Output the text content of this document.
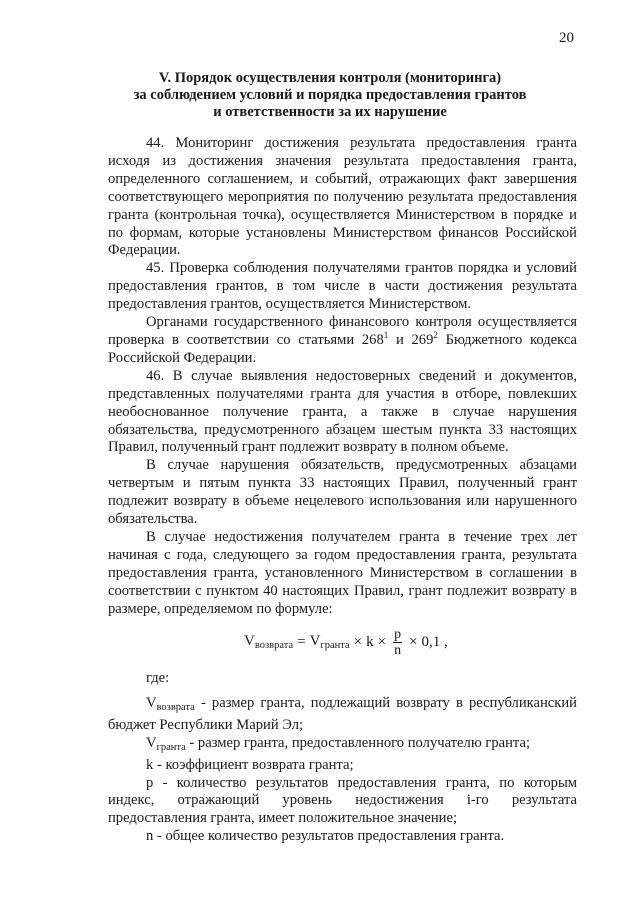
20
V. Порядок осуществления контроля (мониторинга)
за соблюдением условий и порядка предоставления грантов
и ответственности за их нарушение

44. Мониторинг достижения результата предоставления гранта исходя из достижения значения результата предоставления гранта, определенного соглашением, и событий, отражающих факт завершения соответствующего мероприятия по получению результата предоставления гранта (контрольная точка), осуществляется Министерством в порядке и по формам, которые установлены Министерством финансов Российской Федерации.

45. Проверка соблюдения получателями грантов порядка и условий предоставления грантов, в том числе в части достижения результата предоставления грантов, осуществляется Министерством.

Органами государственного финансового контроля осуществляется проверка в соответствии со статьями $268^1$ и $269^2$ Бюджетного кодекса Российской Федерации.

46. В случае выявления недостоверных сведений и документов, представленных получателями гранта для участия в отборе, повлекших необоснованное получение гранта, а также в случае нарушения обязательства, предусмотренного абзацем шестым пункта 33 настоящих Правил, полученный грант подлежит возврату в полном объеме.

В случае нарушения обязательств, предусмотренных абзацами четвертым и пятым пункта 33 настоящих Правил, полученный грант подлежит возврату в объеме нецелевого использования или нарушенного обязательства.

В случае недостижения получателем гранта в течение трех лет начиная с года, следующего за годом предоставления гранта, результата предоставления гранта, установленного Министерством в соглашении в соответствии с пунктом 40 настоящих Правил, грант подлежит возврату в размере, определяемом по формуле:

$V_{возврата} = V_{гранта} \times k \times \frac{p}{n} \times 0,1$ ,

где:

$V_{возврата}$ - размер гранта, подлежащий возврату в республиканский бюджет Республики Марий Эл;

$V_{гранта}$ - размер гранта, предоставленного получателю гранта;

k - коэффициент возврата гранта;

p - количество результатов предоставления гранта, по которым индекс, отражающий уровень недостижения i-го результата предоставления гранта, имеет положительное значение;

n - общее количество результатов предоставления гранта.
